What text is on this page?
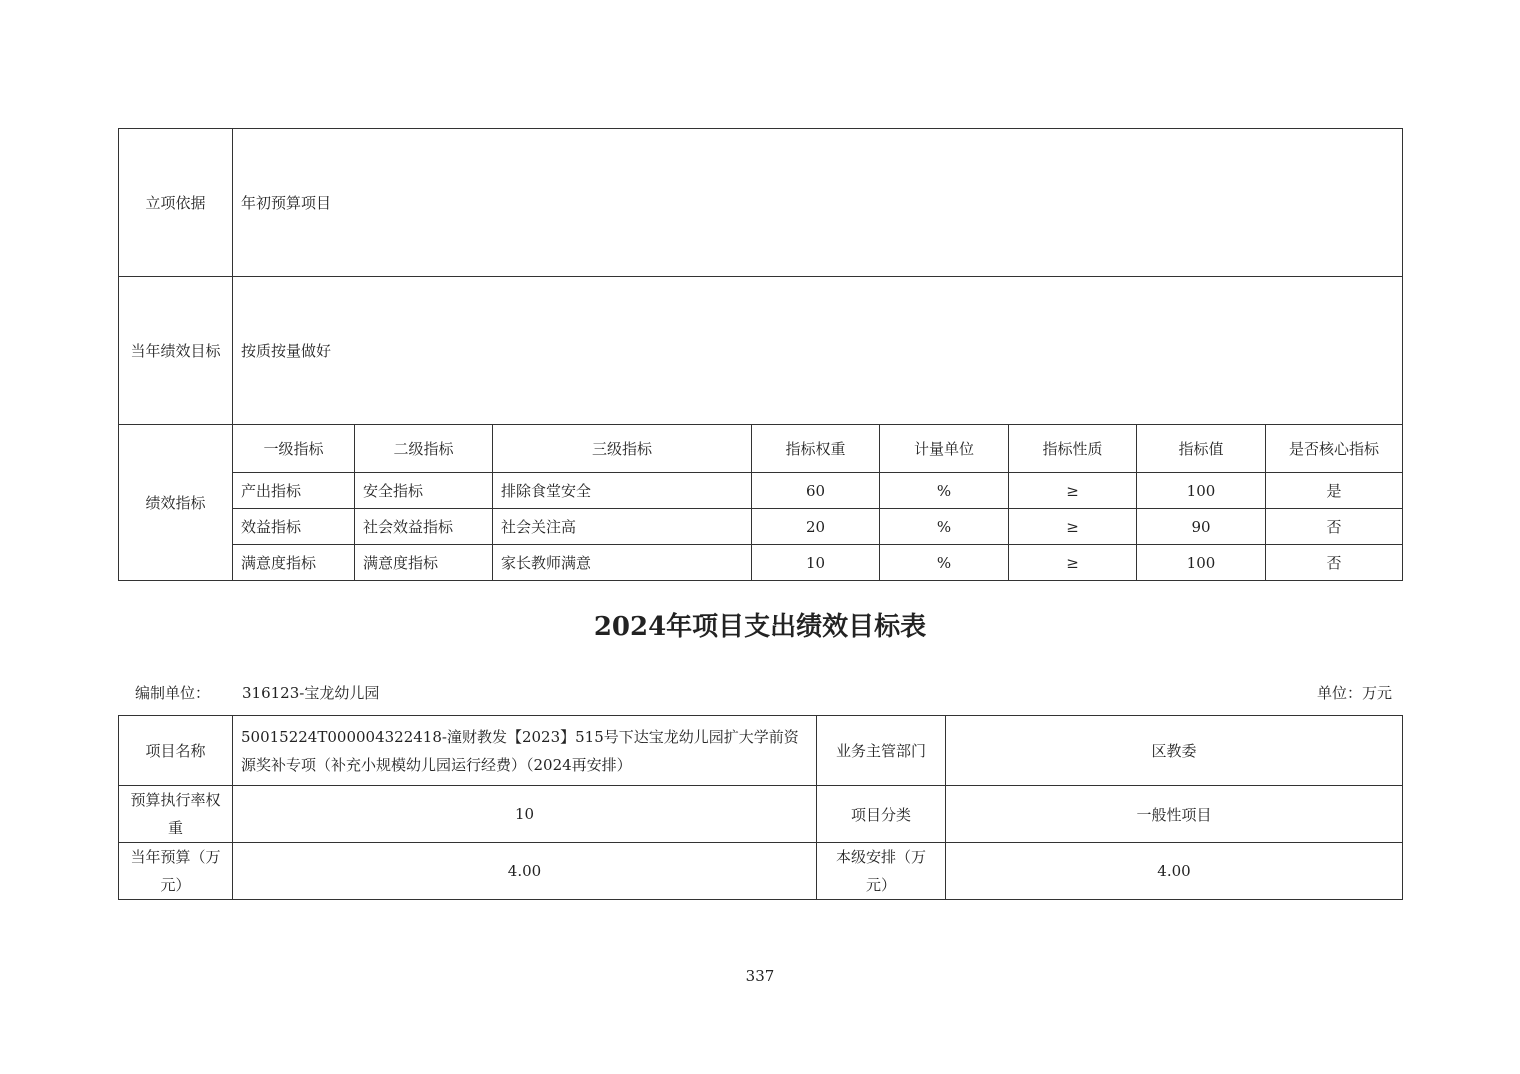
立项依据	年初预算项目							
当年绩效目标	按质按量做好							
绩效指标	一级指标	二级指标	三级指标	指标权重	计量单位	指标性质	指标值	是否核心指标
	产出指标	安全指标	排除食堂安全	60	%	≥	100	是
	效益指标	社会效益指标	社会关注高	20	%	≥	90	否
	满意度指标	满意度指标	家长教师满意	10	%	≥	100	否
2024年项目支出绩效目标表
编制单位： 316123-宝龙幼儿园	单位：万元
项目名称	50015224T000004322418-潼财教发【2023】515号下达宝龙幼儿园扩大学前资源奖补专项（补充小规模幼儿园运行经费）（2024再安排）	业务主管部门	区教委
预算执行率权重	10	项目分类	一般性项目
当年预算（万元）	4.00	本级安排（万元）	4.00
337
